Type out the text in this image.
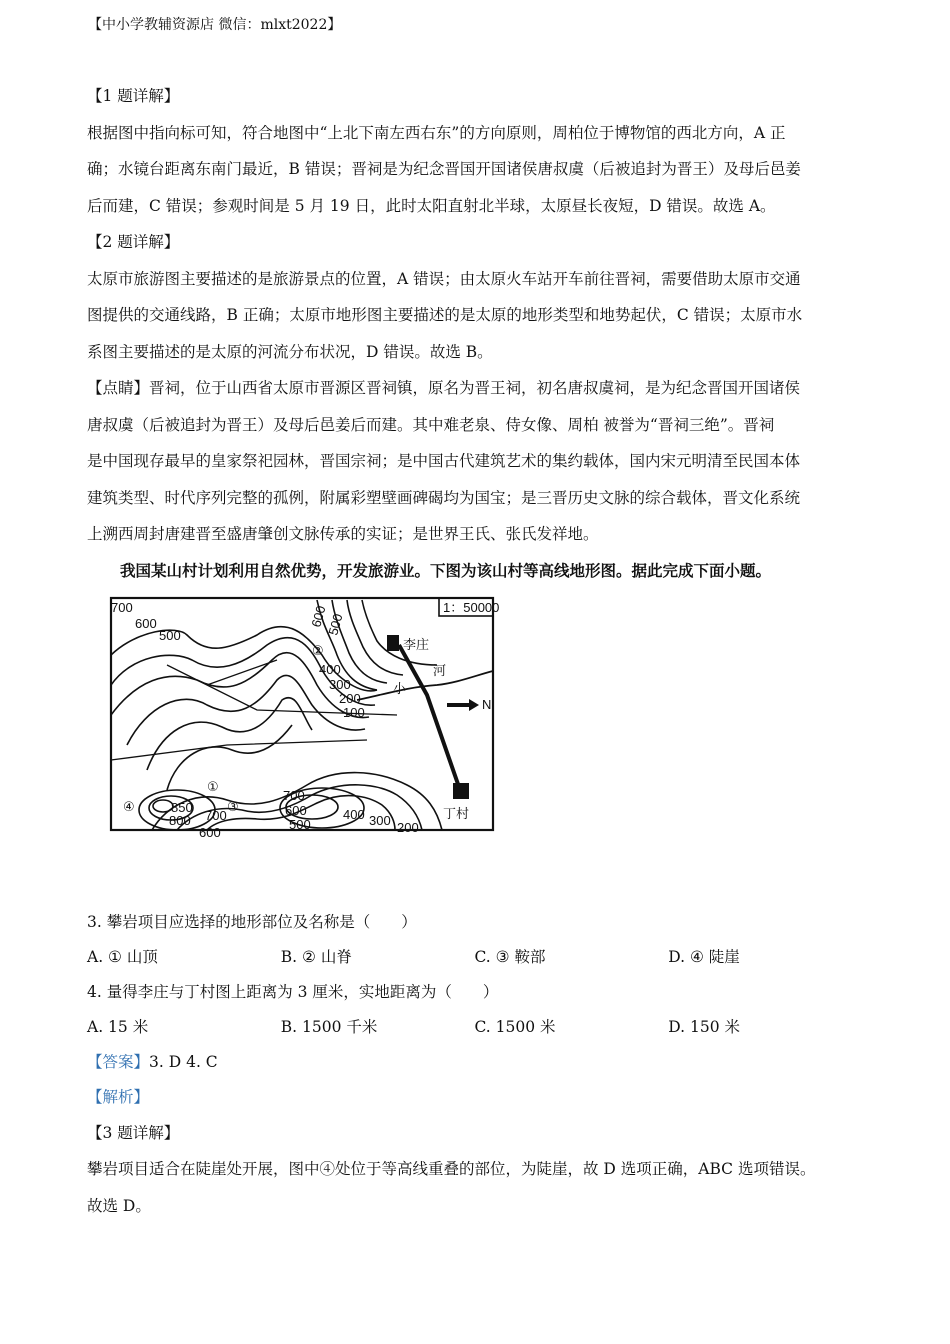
【中小学教辅资源店 微信：mlxt2022】
【1 题详解】
根据图中指向标可知，符合地图中“上北下南左西右东”的方向原则，周柏位于博物馆的西北方向，A 正
确；水镜台距离东南门最近，B 错误；晋祠是为纪念晋国开国诸侯唐叔虞（后被追封为晋王）及母后邑姜
后而建，C 错误；参观时间是 5 月 19 日，此时太阳直射北半球，太原昼长夜短，D 错误。故选 A。
【2 题详解】
太原市旅游图主要描述的是旅游景点的位置，A 错误；由太原火车站开车前往晋祠，需要借助太原市交通
图提供的交通线路，B 正确；太原市地形图主要描述的是太原的地形类型和地势起伏，C 错误；太原市水
系图主要描述的是太原的河流分布状况，D 错误。故选 B。
【点睛】晋祠，位于山西省太原市晋源区晋祠镇，原名为晋王祠，初名唐叔虞祠，是为纪念晋国开国诸侯
唐叔虞（后被追封为晋王）及母后邑姜后而建。其中难老泉、侍女像、周柏 被誉为“晋祠三绝”。晋祠
是中国现存最早的皇家祭祀园林，晋国宗祠；是中国古代建筑艺术的集约载体，国内宋元明清至民国本体
建筑类型、时代序列完整的孤例，附属彩塑壁画碑碣均为国宝；是三晋历史文脉的综合载体，晋文化系统
上溯西周封唐建晋至盛唐肇创文脉传承的实证；是世界王氏、张氏发祥地。
我国某山村计划利用自然优势，开发旅游业。下图为该山村等高线地形图。据此完成下面小题。
1：50000
李庄
丁村
N
小
河
700
600
500
600
500
400
300
200
100
700
600
500
400 300 200
850
800 700
600
①
②
③
④
3. 攀岩项目应选择的地形部位及名称是（　　）
A. ① 山顶	B. ② 山脊	C. ③ 鞍部	D. ④ 陡崖
4. 量得李庄与丁村图上距离为 3 厘米，实地距离为（　　）
A. 15 米	B. 1500 千米	C. 1500 米	D. 150 米
【答案】3. D 4. C
【解析】
【3 题详解】
攀岩项目适合在陡崖处开展，图中④处位于等高线重叠的部位，为陡崖，故 D 选项正确，ABC 选项错误。
故选 D。
